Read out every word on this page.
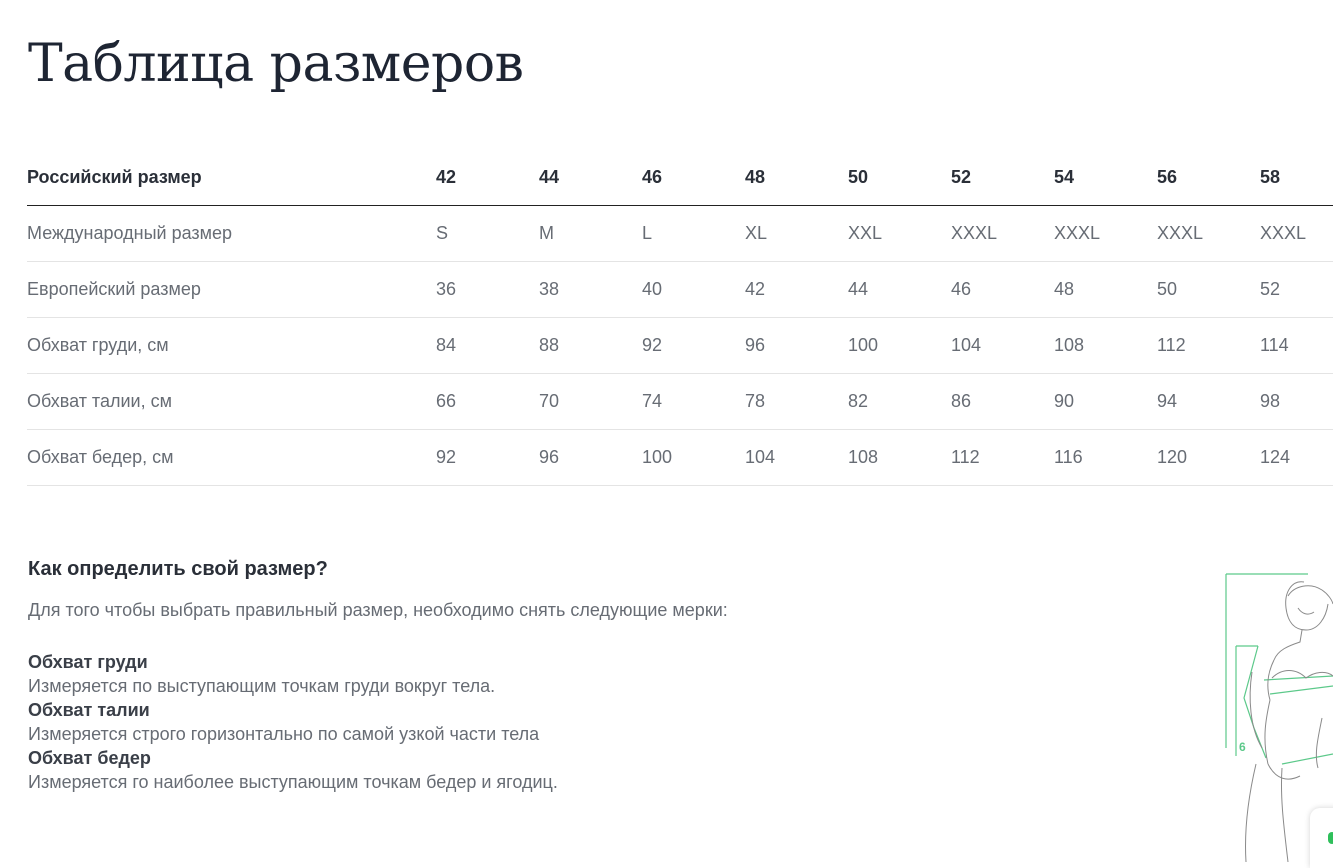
Таблица размеров
Российский размер	42	44	46	48	50	52	54	56	58
Международный размер	S	M	L	XL	XXL	XXXL	XXXL	XXXL	XXXL
Европейский размер	36	38	40	42	44	46	48	50	52
Обхват груди, см	84	88	92	96	100	104	108	112	114
Обхват талии, см	66	70	74	78	82	86	90	94	98
Обхват бедер, см	92	96	100	104	108	112	116	120	124
Как определить свой размер?

Для того чтобы выбрать правильный размер, необходимо снять следующие мерки:

Обхват груди
Измеряется по выступающим точкам груди вокруг тела.
Обхват талии
Измеряется строго горизонтально по самой узкой части тела
Обхват бедер
Измеряется го наиболее выступающим точкам бедер и ягодиц.
6
